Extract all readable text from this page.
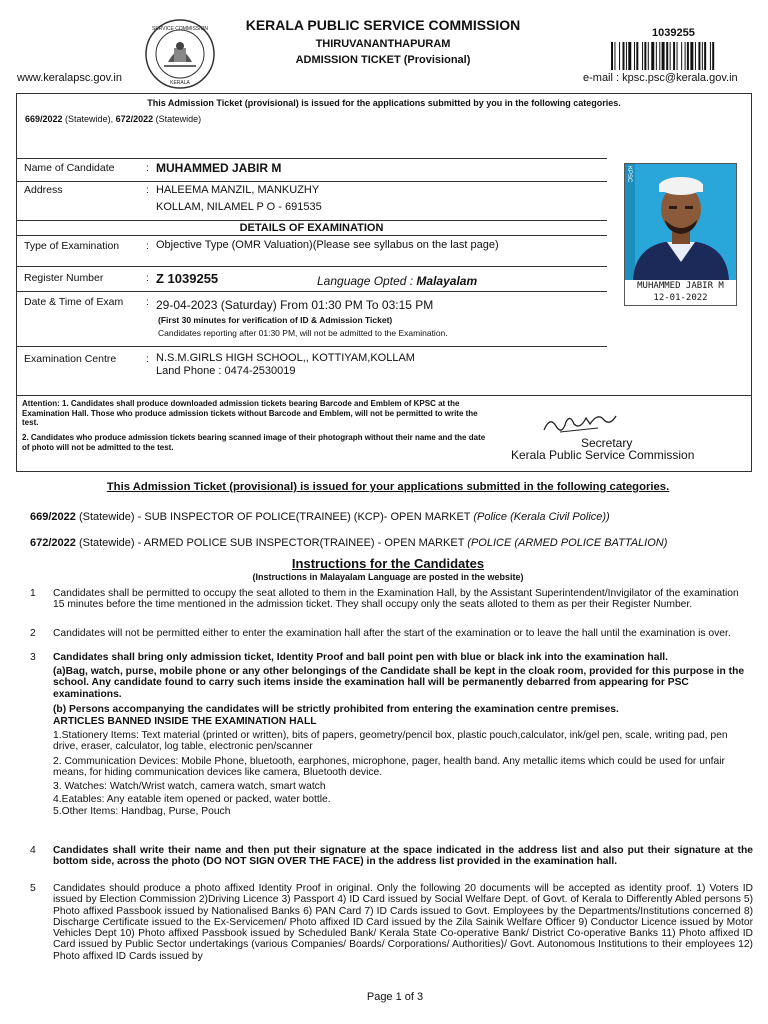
SERVICE COMMISSION
KERALA
KERALA PUBLIC SERVICE COMMISSION
THIRUVANANTHAPURAM
ADMISSION TICKET (Provisional)
1039255
www.keralapsc.gov.in	e-mail : kpsc.psc@kerala.gov.in
This Admission Ticket (provisional) is issued for the applications submitted by you in the following categories.
669/2022 (Statewide), 672/2022 (Statewide)
Name of Candidate	: MUHAMMED JABIR M
Address	: HALEEMA MANZIL, MANKUZHY
KOLLAM, NILAMEL P O - 691535
DETAILS OF EXAMINATION
Type of Examination	: Objective Type (OMR Valuation)(Please see syllabus on the last page)
Register Number	: Z 1039255	Language Opted : Malayalam
Date & Time of Exam : 29-04-2023 (Saturday) From 01:30 PM To 03:15 PM
(First 30 minutes for verification of ID & Admission Ticket)
Candidates reporting after 01:30 PM, will not be admitted to the Examination.
Examination Centre	: N.S.M.GIRLS HIGH SCHOOL,, KOTTIYAM,KOLLAM
Land Phone : 0474-2530019
KPSC
MUHAMMED JABIR M
12-01-2022
Attention: 1. Candidates shall produce downloaded admission tickets bearing Barcode and Emblem of KPSC at the Examination Hall. Those who produce admission tickets without Barcode and Emblem, will not be permitted to write the test.
2. Candidates who produce admission tickets bearing scanned image of their photograph without their name and the date of photo will not be admitted to the test.	Secretary
Kerala Public Service Commission
This Admission Ticket (provisional) is issued for your applications submitted in the following categories.
669/2022 (Statewide) - SUB INSPECTOR OF POLICE(TRAINEE) (KCP)- OPEN MARKET (Police (Kerala Civil Police))
672/2022 (Statewide) - ARMED POLICE SUB INSPECTOR(TRAINEE) - OPEN MARKET (POLICE (ARMED POLICE BATTALION)
Instructions for the Candidates
(Instructions in Malayalam Language are posted in the website)
1 Candidates shall be permitted to occupy the seat alloted to them in the Examination Hall, by the Assistant Superintendent/Invigilator of the examination 15 minutes before the time mentioned in the admission ticket. They shall occupy only the seats alloted to them as per their Register Number.
2 Candidates will not be permitted either to enter the examination hall after the start of the examination or to leave the hall until the examination is over.
3 Candidates shall bring only admission ticket, Identity Proof and ball point pen with blue or black ink into the examination hall.
(a)Bag, watch, purse, mobile phone or any other belongings of the Candidate shall be kept in the cloak room, provided for this purpose in the school. Any candidate found to carry such items inside the examination hall will be permanently debarred from appearing for PSC examinations.
(b) Persons accompanying the candidates will be strictly prohibited from entering the examination centre premises.
ARTICLES BANNED INSIDE THE EXAMINATION HALL
1.Stationery Items: Text material (printed or written), bits of papers, geometry/pencil box, plastic pouch,calculator, ink/gel pen, scale, writing pad, pen drive, eraser, calculator, log table, electronic pen/scanner
2. Communication Devices: Mobile Phone, bluetooth, earphones, microphone, pager, health band. Any metallic items which could be used for unfair means, for hiding communication devices like camera, Bluetooth device.
3. Watches: Watch/Wrist watch, camera watch, smart watch
4.Eatables: Any eatable item opened or packed, water bottle.
5.Other Items: Handbag, Purse, Pouch
4 Candidates shall write their name and then put their signature at the space indicated in the address list and also put their signature at the bottom side, across the photo (DO NOT SIGN OVER THE FACE) in the address list provided in the examination hall.
5 Candidates should produce a photo affixed Identity Proof in original. Only the following 20 documents will be accepted as identity proof. 1) Voters ID issued by Election Commission 2)Driving Licence 3) Passport 4) ID Card issued by Social Welfare Dept. of Govt. of Kerala to Differently Abled persons 5) Photo affixed Passbook issued by Nationalised Banks 6) PAN Card 7) ID Cards issued to Govt. Employees by the Departments/Institutions concerned 8) Discharge Certificate issued to the Ex-Servicemen/ Photo affixed ID Card issued by the Zila Sainik Welfare Officer 9) Conductor Licence issued by Motor Vehicles Dept 10) Photo affixed Passbook issued by Scheduled Bank/ Kerala State Co-operative Bank/ District Co-operative Banks 11) Photo affixed ID Card issued by Public Sector undertakings (various Companies/ Boards/ Corporations/ Authorities)/ Govt. Autonomous Institutions to their employees 12) Photo affixed ID Cards issued by
Page 1 of 3
